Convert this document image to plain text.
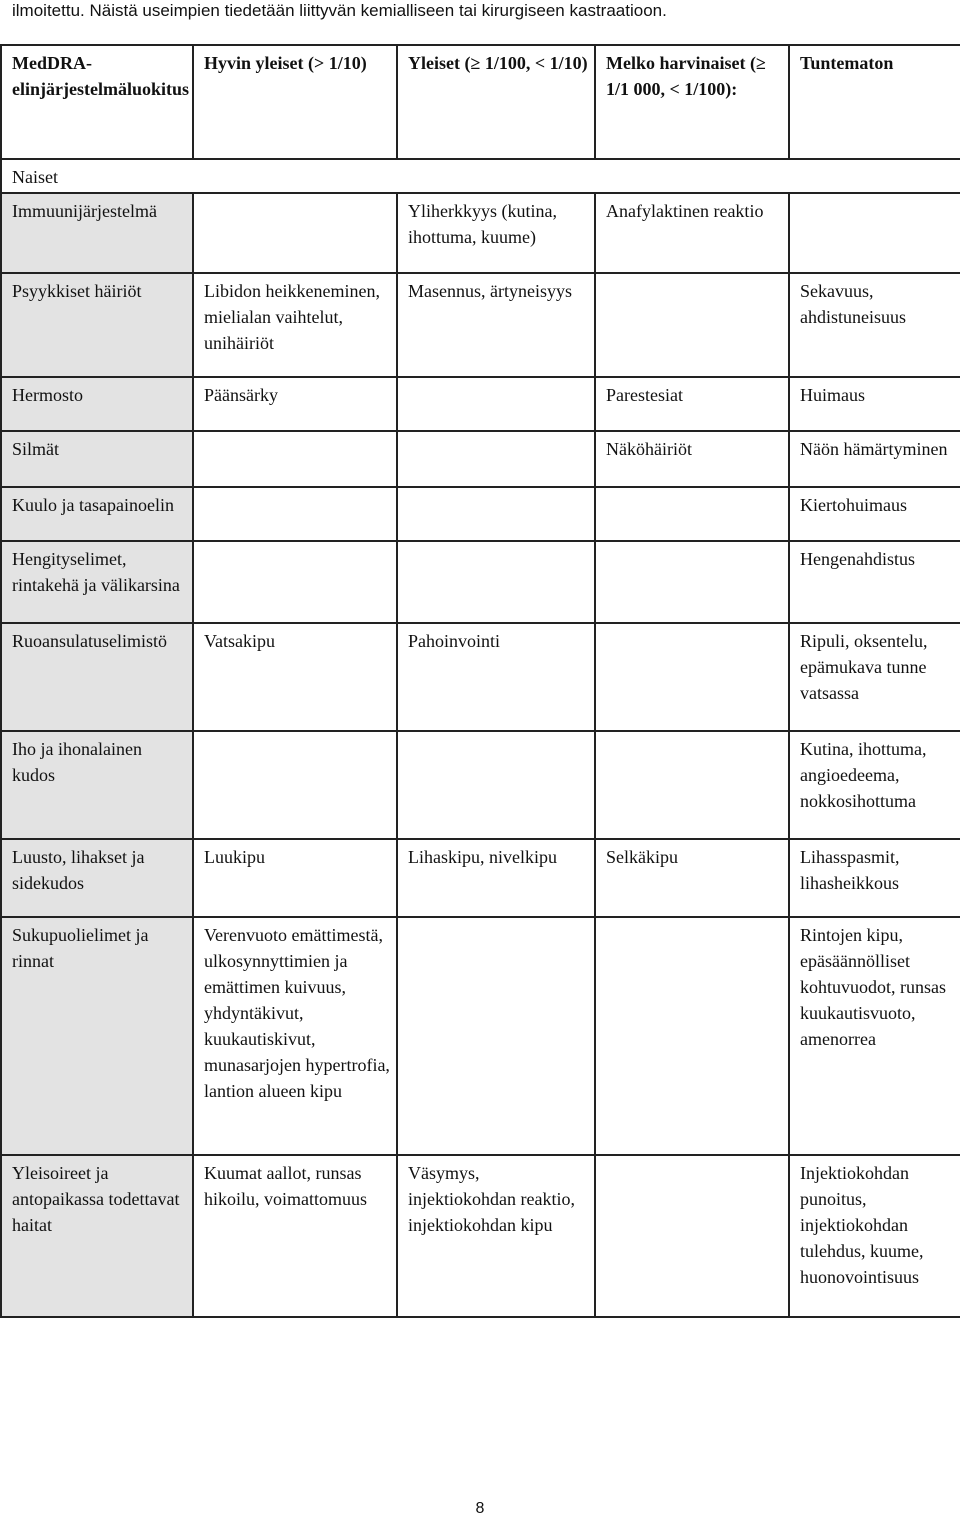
ilmoitettu. Näistä useimpien tiedetään liittyvän kemialliseen tai kirurgiseen kastraatioon.
MedDRA-elinjärjestelmäluokitus	Hyvin yleiset (> 1/10)	Yleiset (≥ 1/100, < 1/10)	Melko harvinaiset (≥ 1/1 000, < 1/100):	Tuntematon
Naiset				
Immuunijärjestelmä		Yliherkkyys (kutina, ihottuma, kuume)	Anafylaktinen reaktio	
Psyykkiset häiriöt	Libidon heikkeneminen, mielialan vaihtelut, unihäiriöt	Masennus, ärtyneisyys		Sekavuus, ahdistuneisuus
Hermosto	Päänsärky		Parestesiat	Huimaus
Silmät			Näköhäiriöt	Näön hämärtyminen
Kuulo ja tasapainoelin				Kiertohuimaus
Hengityselimet, rintakehä ja välikarsina				Hengenahdistus
Ruoansulatuselimistö	Vatsakipu	Pahoinvointi		Ripuli, oksentelu, epämukava tunne vatsassa
Iho ja ihonalainen kudos				Kutina, ihottuma, angioedeema, nokkosihottuma
Luusto, lihakset ja sidekudos	Luukipu	Lihaskipu, nivelkipu	Selkäkipu	Lihasspasmit, lihasheikkous
Sukupuolielimet ja rinnat	Verenvuoto emättimestä, ulkosynnyttimien ja emättimen kuivuus, yhdyntäkivut, kuukautiskivut, munasarjojen hypertrofia, lantion alueen kipu			Rintojen kipu, epäsäännölliset kohtuvuodot, runsas kuukautisvuoto, amenorrea
Yleisoireet ja antopaikassa todettavat haitat	Kuumat aallot, runsas hikoilu, voimattomuus	Väsymys, injektiokohdan reaktio, injektiokohdan kipu		Injektiokohdan punoitus, injektiokohdan tulehdus, kuume, huonovointisuus
8
